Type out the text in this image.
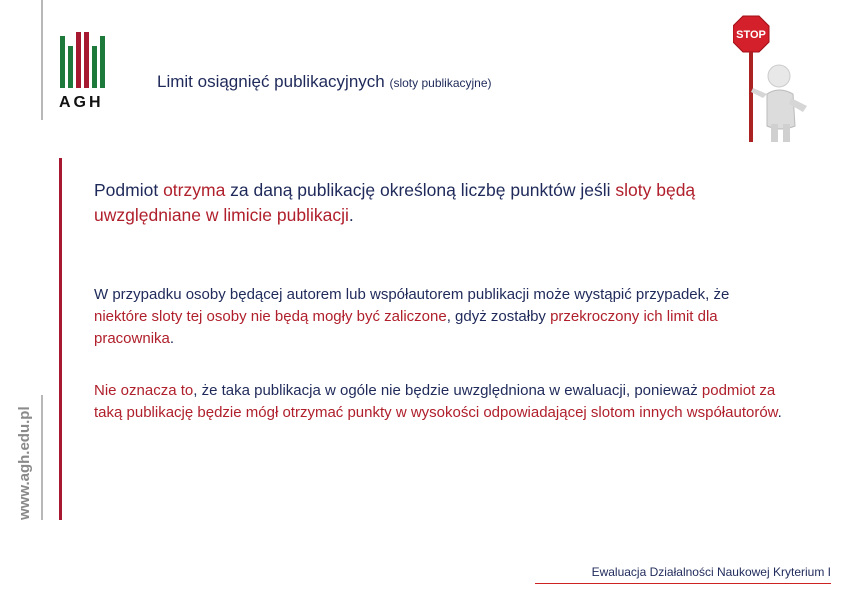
AGH
www.agh.edu.pl
Limit osiągnięć publikacyjnych (sloty publikacyjne)
STOP
Podmiot otrzyma za daną publikację określoną liczbę punktów jeśli sloty będą uwzględniane w limicie publikacji.
W przypadku osoby będącej autorem lub współautorem publikacji może wystąpić przypadek, że niektóre sloty tej osoby nie będą mogły być zaliczone, gdyż zostałby przekroczony ich limit dla pracownika.
Nie oznacza to, że taka publikacja w ogóle nie będzie uwzględniona w ewaluacji, ponieważ podmiot za taką publikację będzie mógł otrzymać punkty w wysokości odpowiadającej slotom innych współautorów.
Ewaluacja Działalności Naukowej Kryterium I
